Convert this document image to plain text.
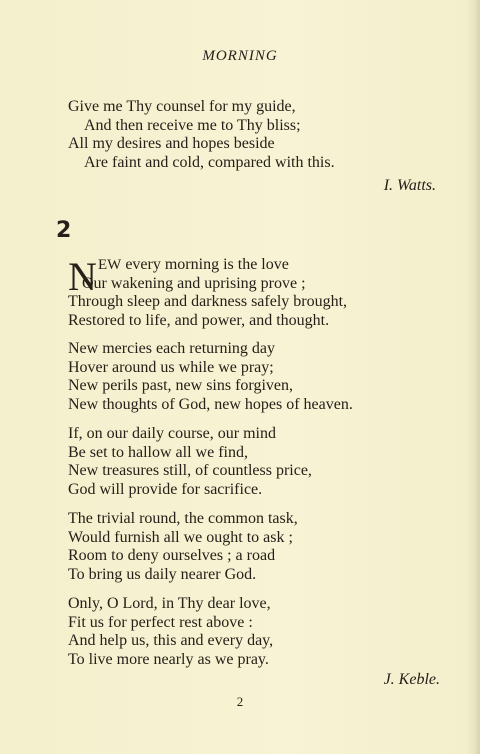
MORNING
Give me Thy counsel for my guide,
And then receive me to Thy bliss;
All my desires and hopes beside
Are faint and cold, compared with this.
I. Watts.
2
N EW every morning is the love
Our wakening and uprising prove ;
Through sleep and darkness safely brought,
Restored to life, and power, and thought.
New mercies each returning day
Hover around us while we pray;
New perils past, new sins forgiven,
New thoughts of God, new hopes of heaven.
If, on our daily course, our mind
Be set to hallow all we find,
New treasures still, of countless price,
God will provide for sacrifice.
The trivial round, the common task,
Would furnish all we ought to ask ;
Room to deny ourselves ; a road
To bring us daily nearer God.
Only, O Lord, in Thy dear love,
Fit us for perfect rest above :
And help us, this and every day,
To live more nearly as we pray.
J. Keble.
2
